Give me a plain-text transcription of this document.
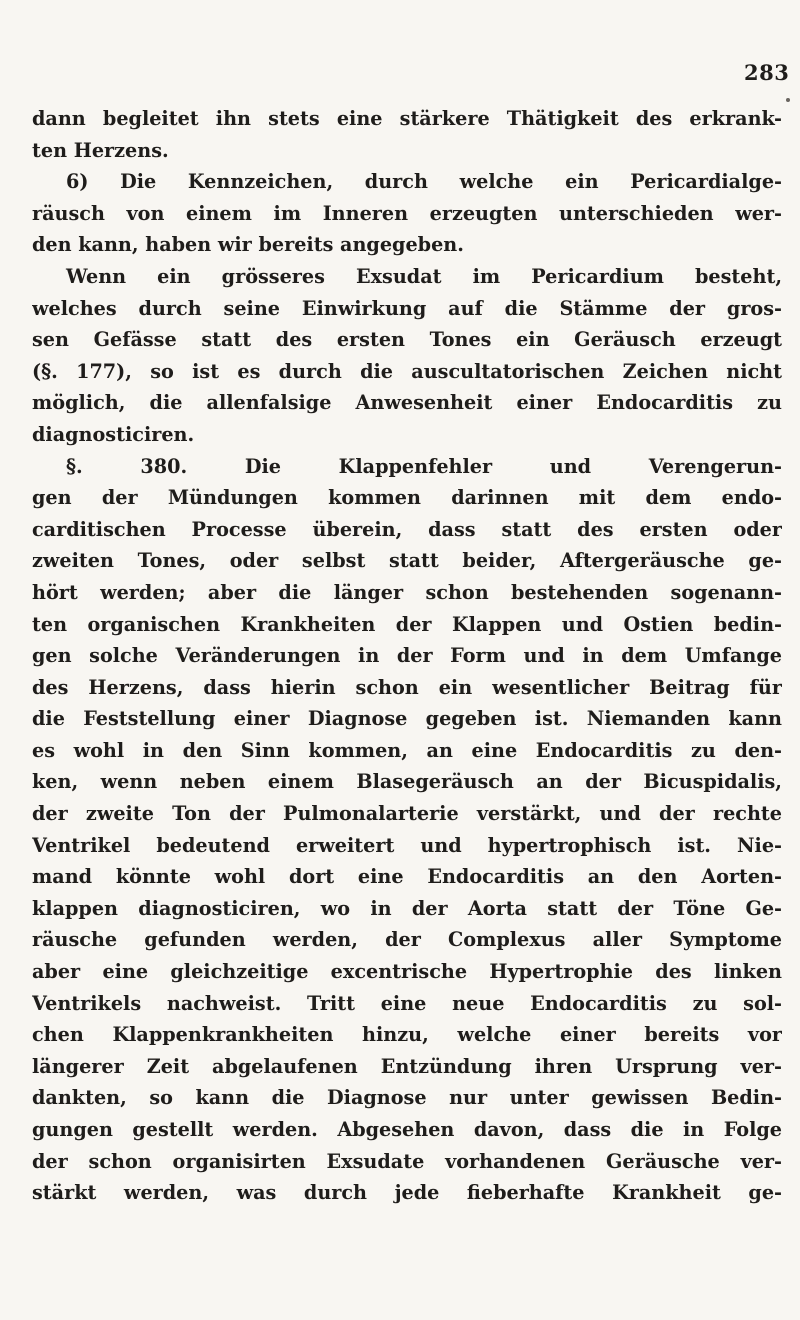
283
dann begleitet ihn stets eine stärkere Thätigkeit des erkrank-
ten Herzens.
6) Die Kennzeichen, durch welche ein Pericardialge-
räusch von einem im Inneren erzeugten unterschieden wer-
den kann, haben wir bereits angegeben.
Wenn ein grösseres Exsudat im Pericardium besteht,
welches durch seine Einwirkung auf die Stämme der gros-
sen Gefässe statt des ersten Tones ein Geräusch erzeugt
(§. 177), so ist es durch die auscultatorischen Zeichen nicht
möglich, die allenfalsige Anwesenheit einer Endocarditis zu
diagnosticiren.
§. 380. Die Klappenfehler und Verengerun-
gen der Mündungen kommen darinnen mit dem endo-
carditischen Processe überein, dass statt des ersten oder
zweiten Tones, oder selbst statt beider, Aftergeräusche ge-
hört werden; aber die länger schon bestehenden sogenann-
ten organischen Krankheiten der Klappen und Ostien bedin-
gen solche Veränderungen in der Form und in dem Umfange
des Herzens, dass hierin schon ein wesentlicher Beitrag für
die Feststellung einer Diagnose gegeben ist. Niemanden kann
es wohl in den Sinn kommen, an eine Endocarditis zu den-
ken, wenn neben einem Blasegeräusch an der Bicuspidalis,
der zweite Ton der Pulmonalarterie verstärkt, und der rechte
Ventrikel bedeutend erweitert und hypertrophisch ist. Nie-
mand könnte wohl dort eine Endocarditis an den Aorten-
klappen diagnosticiren, wo in der Aorta statt der Töne Ge-
räusche gefunden werden, der Complexus aller Symptome
aber eine gleichzeitige excentrische Hypertrophie des linken
Ventrikels nachweist. Tritt eine neue Endocarditis zu sol-
chen Klappenkrankheiten hinzu, welche einer bereits vor
längerer Zeit abgelaufenen Entzündung ihren Ursprung ver-
dankten, so kann die Diagnose nur unter gewissen Bedin-
gungen gestellt werden. Abgesehen davon, dass die in Folge
der schon organisirten Exsudate vorhandenen Geräusche ver-
stärkt werden, was durch jede fieberhafte Krankheit ge-
